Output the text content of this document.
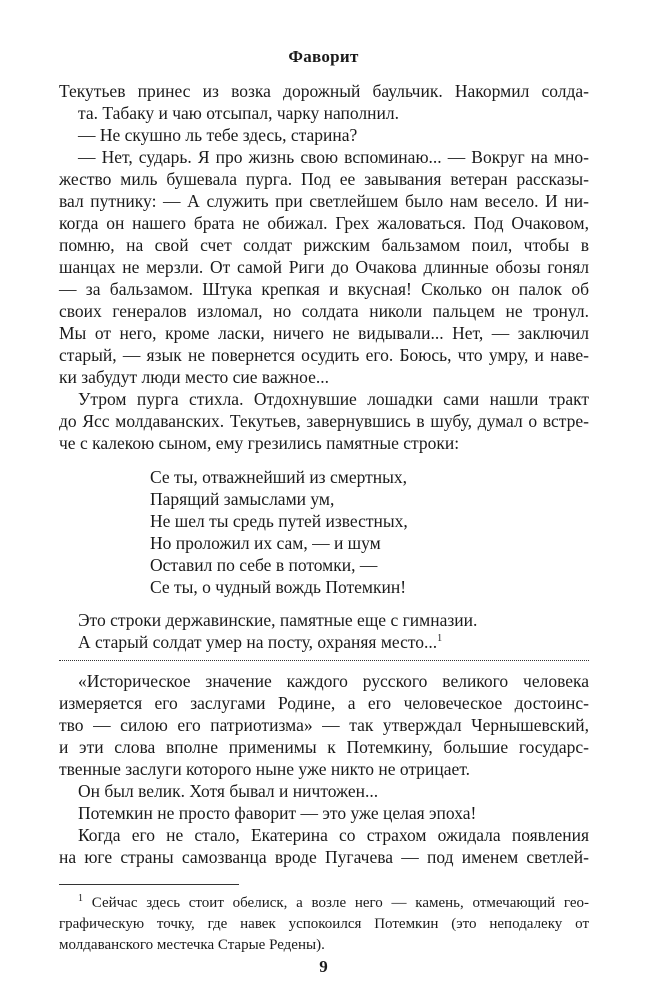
Фаворит
Текутьев принес из возка дорожный баульчик. Накормил солда-
та. Табаку и чаю отсыпал, чарку наполнил.
— Не скушно ль тебе здесь, старина?
— Нет, сударь. Я про жизнь свою вспоминаю... — Вокруг на мно-
жество миль бушевала пурга. Под ее завывания ветеран рассказы-
вал путнику: — А служить при светлейшем было нам весело. И ни-
когда он нашего брата не обижал. Грех жаловаться. Под Очаковом,
помню, на свой счет солдат рижским бальзамом поил, чтобы в
шанцах не мерзли. От самой Риги до Очакова длинные обозы гонял
— за бальзамом. Штука крепкая и вкусная! Сколько он палок об
своих генералов изломал, но солдата николи пальцем не тронул.
Мы от него, кроме ласки, ничего не видывали... Нет, — заключил
старый, — язык не повернется осудить его. Боюсь, что умру, и наве-
ки забудут люди место сие важное...
Утром пурга стихла. Отдохнувшие лошадки сами нашли тракт
до Ясс молдаванских. Текутьев, завернувшись в шубу, думал о встре-
че с калекою сыном, ему грезились памятные строки:
Се ты, отважнейший из смертных,
Парящий замыслами ум,
Не шел ты средь путей известных,
Но проложил их сам, — и шум
Оставил по себе в потомки, —
Се ты, о чудный вождь Потемкин!
Это строки державинские, памятные еще с гимназии.
А старый солдат умер на посту, охраняя место...$^1$
«Историческое значение каждого русского великого человека
измеряется его заслугами Родине, а его человеческое достоинс-
тво — силою его патриотизма» — так утверждал Чернышевский,
и эти слова вполне применимы к Потемкину, большие государс-
твенные заслуги которого ныне уже никто не отрицает.
Он был велик. Хотя бывал и ничтожен...
Потемкин не просто фаворит — это уже целая эпоха!
Когда его не стало, Екатерина со страхом ожидала появления
на юге страны самозванца вроде Пугачева — под именем светлей-
$^1$ Сейчас здесь стоит обелиск, а возле него — камень, отмечающий гео-
графическую точку, где навек успокоился Потемкин (это неподалеку от
молдаванского местечка Старые Редены).
9
